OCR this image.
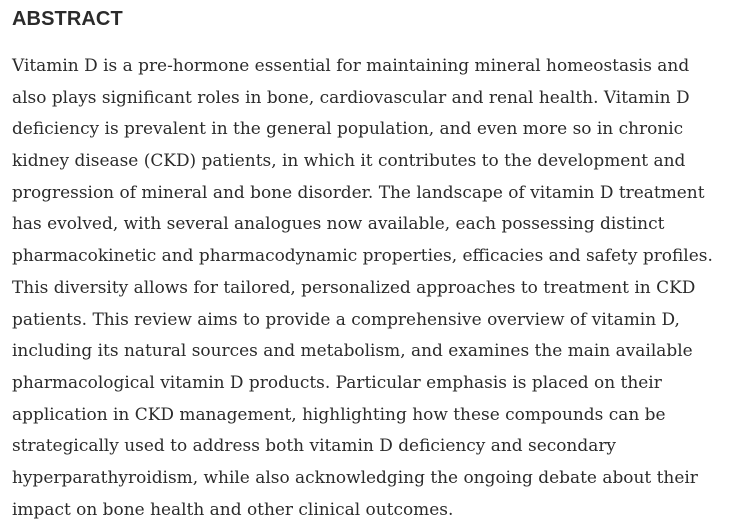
ABSTRACT
Vitamin D is a pre-hormone essential for maintaining mineral homeostasis and
also plays significant roles in bone, cardiovascular and renal health. Vitamin D
deficiency is prevalent in the general population, and even more so in chronic
kidney disease (CKD) patients, in which it contributes to the development and
progression of mineral and bone disorder. The landscape of vitamin D treatment
has evolved, with several analogues now available, each possessing distinct
pharmacokinetic and pharmacodynamic properties, efficacies and safety profiles.
This diversity allows for tailored, personalized approaches to treatment in CKD
patients. This review aims to provide a comprehensive overview of vitamin D,
including its natural sources and metabolism, and examines the main available
pharmacological vitamin D products. Particular emphasis is placed on their
application in CKD management, highlighting how these compounds can be
strategically used to address both vitamin D deficiency and secondary
hyperparathyroidism, while also acknowledging the ongoing debate about their
impact on bone health and other clinical outcomes.
